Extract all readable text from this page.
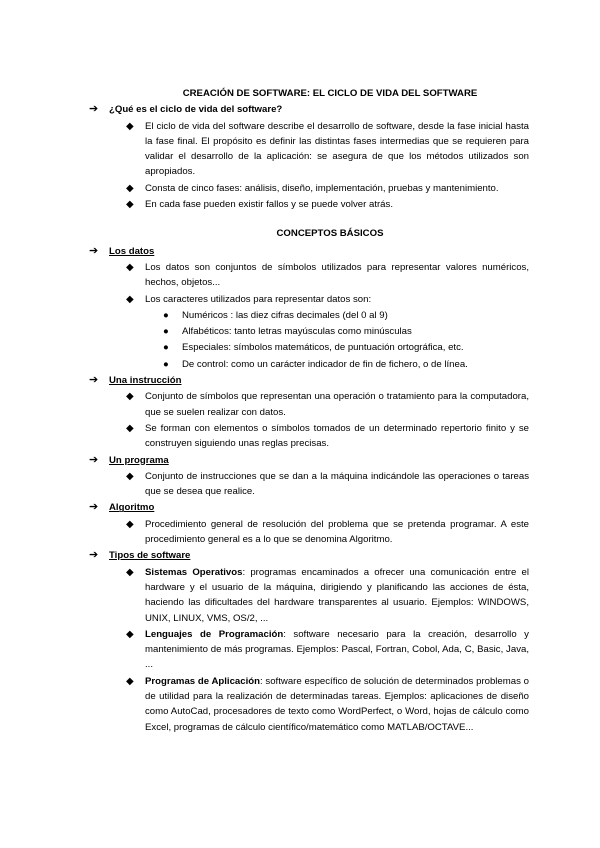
CREACIÓN DE SOFTWARE: EL CICLO DE VIDA DEL SOFTWARE
➔ ¿Qué es el ciclo de vida del software?
◆ El ciclo de vida del software describe el desarrollo de software, desde la fase inicial hasta la fase final. El propósito es definir las distintas fases intermedias que se requieren para validar el desarrollo de la aplicación: se asegura de que los métodos utilizados son apropiados.
◆ Consta de cinco fases: análisis, diseño, implementación, pruebas y mantenimiento.
◆ En cada fase pueden existir fallos y se puede volver atrás.
CONCEPTOS BÁSICOS
➔ Los datos
◆ Los datos son conjuntos de símbolos utilizados para representar valores numéricos, hechos, objetos...
◆ Los caracteres utilizados para representar datos son:
● Numéricos : las diez cifras decimales (del 0 al 9)
● Alfabéticos: tanto letras mayúsculas como minúsculas
● Especiales: símbolos matemáticos, de puntuación ortográfica, etc.
● De control: como un carácter indicador de fin de fichero, o de línea.
➔ Una instrucción
◆ Conjunto de símbolos que representan una operación o tratamiento para la computadora, que se suelen realizar con datos.
◆ Se forman con elementos o símbolos tomados de un determinado repertorio finito y se construyen siguiendo unas reglas precisas.
➔ Un programa
◆ Conjunto de instrucciones que se dan a la máquina indicándole las operaciones o tareas que se desea que realice.
➔ Algoritmo
◆ Procedimiento general de resolución del problema que se pretenda programar. A este procedimiento general es a lo que se denomina Algoritmo.
➔ Tipos de software
◆ Sistemas Operativos: programas encaminados a ofrecer una comunicación entre el hardware y el usuario de la máquina, dirigiendo y planificando las acciones de ésta, haciendo las dificultades del hardware transparentes al usuario. Ejemplos: WINDOWS, UNIX, LINUX, VMS, OS/2, ...
◆ Lenguajes de Programación: software necesario para la creación, desarrollo y mantenimiento de más programas. Ejemplos: Pascal, Fortran, Cobol, Ada, C, Basic, Java, ...
◆ Programas de Aplicación: software específico de solución de determinados problemas o de utilidad para la realización de determinadas tareas. Ejemplos: aplicaciones de diseño como AutoCad, procesadores de texto como WordPerfect, o Word, hojas de cálculo como Excel, programas de cálculo científico/matemático como MATLAB/OCTAVE...
